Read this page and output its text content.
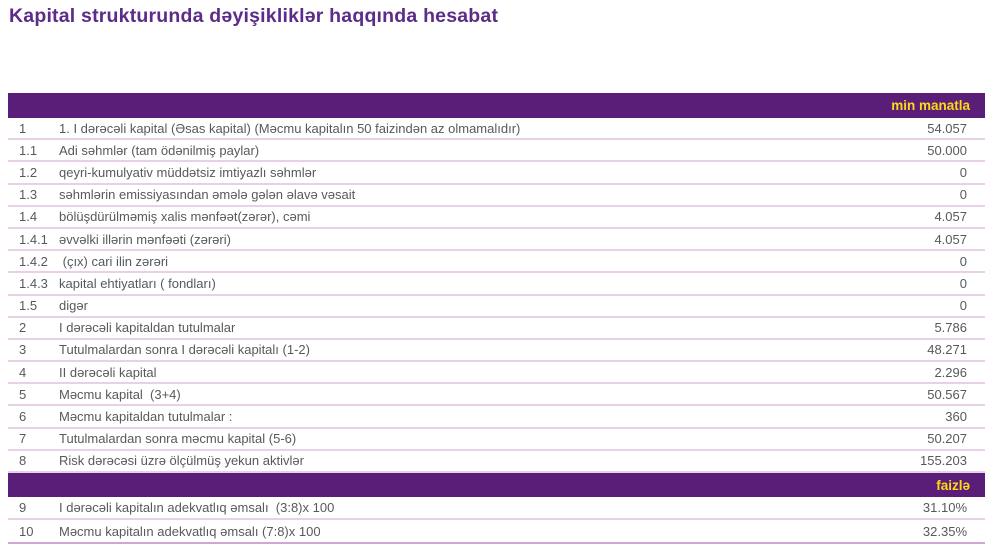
Kapital strukturunda dəyişikliklər haqqında hesabat
min manatla
1	1. I dərəcəli kapital (Əsas kapital) (Məcmu kapitalın 50 faizindən az olmamalıdır)	54.057
1.1	Adi səhmlər (tam ödənilmiş paylar)	50.000
1.2	qeyri-kumulyativ müddətsiz imtiyazlı səhmlər	0
1.3	səhmlərin emissiyasından əmələ gələn əlavə vəsait	0
1.4	bölüşdürülməmiş xalis mənfəət(zərər), cəmi	4.057
1.4.1 əvvəlki illərin mənfəəti (zərəri)	4.057
1.4.2 (çıx) cari ilin zərəri	0
1.4.3 kapital ehtiyatları ( fondları)	0
1.5	digər	0
2	I dərəcəli kapitaldan tutulmalar	5.786
3	Tutulmalardan sonra I dərəcəli kapitalı (1-2)	48.271
4	II dərəcəli kapital	2.296
5	Məcmu kapital  (3+4)	50.567
6	Məcmu kapitaldan tutulmalar :	360
7	Tutulmalardan sonra məcmu kapital (5-6)	50.207
8	Risk dərəcəsi üzrə ölçülmüş yekun aktivlər	155.203
faizlə
9	I dərəcəli kapitalın adekvatlıq əmsalı  (3:8)x 100	31.10%
10	Məcmu kapitalın adekvatlıq əmsalı (7:8)x 100	32.35%
